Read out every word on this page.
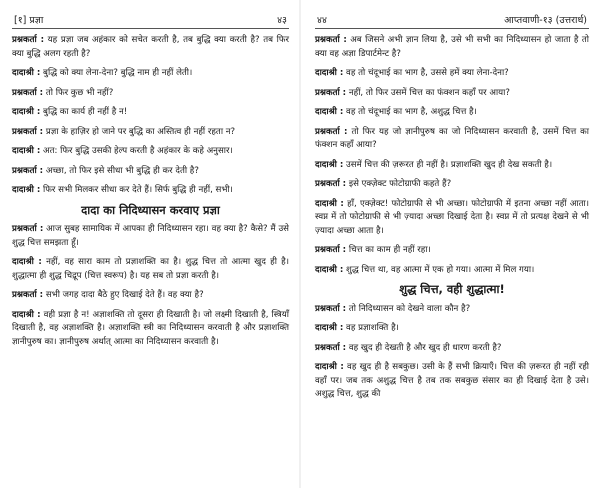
[१] प्रज्ञा	४३

प्रश्नकर्ता : यह प्रज्ञा जब अहंकार को सचेत करती है, तब बुद्धि क्या करती है? तब फिर क्या बुद्धि अलग रहती है?

दादाश्री : बुद्धि को क्या लेना-देना? बुद्धि नाम ही नहीं लेती।

प्रश्नकर्ता : तो फिर कुछ भी नहीं?

दादाश्री : बुद्धि का कार्य ही नहीं है न!

प्रश्नकर्ता : प्रज्ञा के हाज़िर हो जाने पर बुद्धि का अस्तित्व ही नहीं रहता न?

दादाश्री : अत: फिर बुद्धि उसकी हेल्प करती है अहंकार के कहे अनुसार।

प्रश्नकर्ता : अच्छा, तो फिर इसे सीधा भी बुद्धि ही कर देती है?

दादाश्री : फिर सभी मिलकर सीधा कर देते हैं। सिर्फ बुद्धि ही नहीं, सभी।

दादा का निदिध्यासन करवाए प्रज्ञा

प्रश्नकर्ता : आज सुबह सामायिक में आपका ही निदिध्यासन रहा। वह क्या है? कैसे? मैं उसे शुद्ध चित्त समझता हूँ।

दादाश्री : नहीं, वह सारा काम तो प्रज्ञाशक्ति का है। शुद्ध चित्त तो आत्मा खुद ही है। शुद्धात्मा ही शुद्ध चिद्रूप (चित्त स्वरूप) है। यह सब तो प्रज्ञा करती है।

प्रश्नकर्ता : सभी जगह दादा बैठे हुए दिखाई देते हैं। वह क्या है?

दादाश्री : वही प्रज्ञा है न! अज्ञाशक्ति तो दूसरा ही दिखाती है। जो लक्ष्मी दिखाती है, स्त्रियाँ दिखाती है, वह अज्ञाशक्ति है। अज्ञाशक्ति स्त्री का निदिध्यासन करवाती है और प्रज्ञाशक्ति ज्ञानीपुरुष का। ज्ञानीपुरुष अर्थात् आत्मा का निदिध्यासन करवाती है।

४४	आप्तवाणी-१३ (उत्तरार्ध)

प्रश्नकर्ता : अब जिसने अभी ज्ञान लिया है, उसे भी सभी का निदिध्यासन हो जाता है तो क्या वह अज्ञा डिपार्टमेन्ट है?

दादाश्री : वह तो चंदूभाई का भाग है, उससे हमें क्या लेना-देना?

प्रश्नकर्ता : नहीं, तो फिर उसमें चित्त का फंक्शन कहाँ पर आया?

दादाश्री : वह तो चंदूभाई का भाग है, अशुद्ध चित्त है।

प्रश्नकर्ता : तो फिर यह जो ज्ञानीपुरुष का जो निदिध्यासन करवाती है, उसमें चित्त का फंक्शन कहाँ आया?

दादाश्री : उसमें चित्त की ज़रूरत ही नहीं है। प्रज्ञाशक्ति खुद ही देख सकती है।

प्रश्नकर्ता : इसे एक्ज़ेक्ट फोटोग्राफी कहते हैं?

दादाश्री : हाँ, एक्ज़ेक्ट! फोटोग्राफी से भी अच्छा। फोटोग्राफी में इतना अच्छा नहीं आता। स्वप्न में तो फोटोग्राफी से भी ज़्यादा अच्छा दिखाई देता है। स्वप्न में तो प्रत्यक्ष देखने से भी ज़्यादा अच्छा आता है।

प्रश्नकर्ता : चित्त का काम ही नहीं रहा।

दादाश्री : शुद्ध चित्त था, वह आत्मा में एक हो गया। आत्मा में मिल गया।

शुद्ध चित्त, वही शुद्धात्मा!

प्रश्नकर्ता : तो निदिध्यासन को देखने वाला कौन है?

दादाश्री : वह प्रज्ञाशक्ति है।

प्रश्नकर्ता : वह खुद ही देखती है और खुद ही धारण करती है?

दादाश्री : वह खुद ही है सबकुछ। उसी के हैं सभी क्रियाएँ। चित्त की ज़रूरत ही नहीं रही वहाँ पर। जब तक अशुद्ध चित्त है तब तक सबकुछ संसार का ही दिखाई देता है उसे। अशुद्ध चित्त, शुद्ध की
